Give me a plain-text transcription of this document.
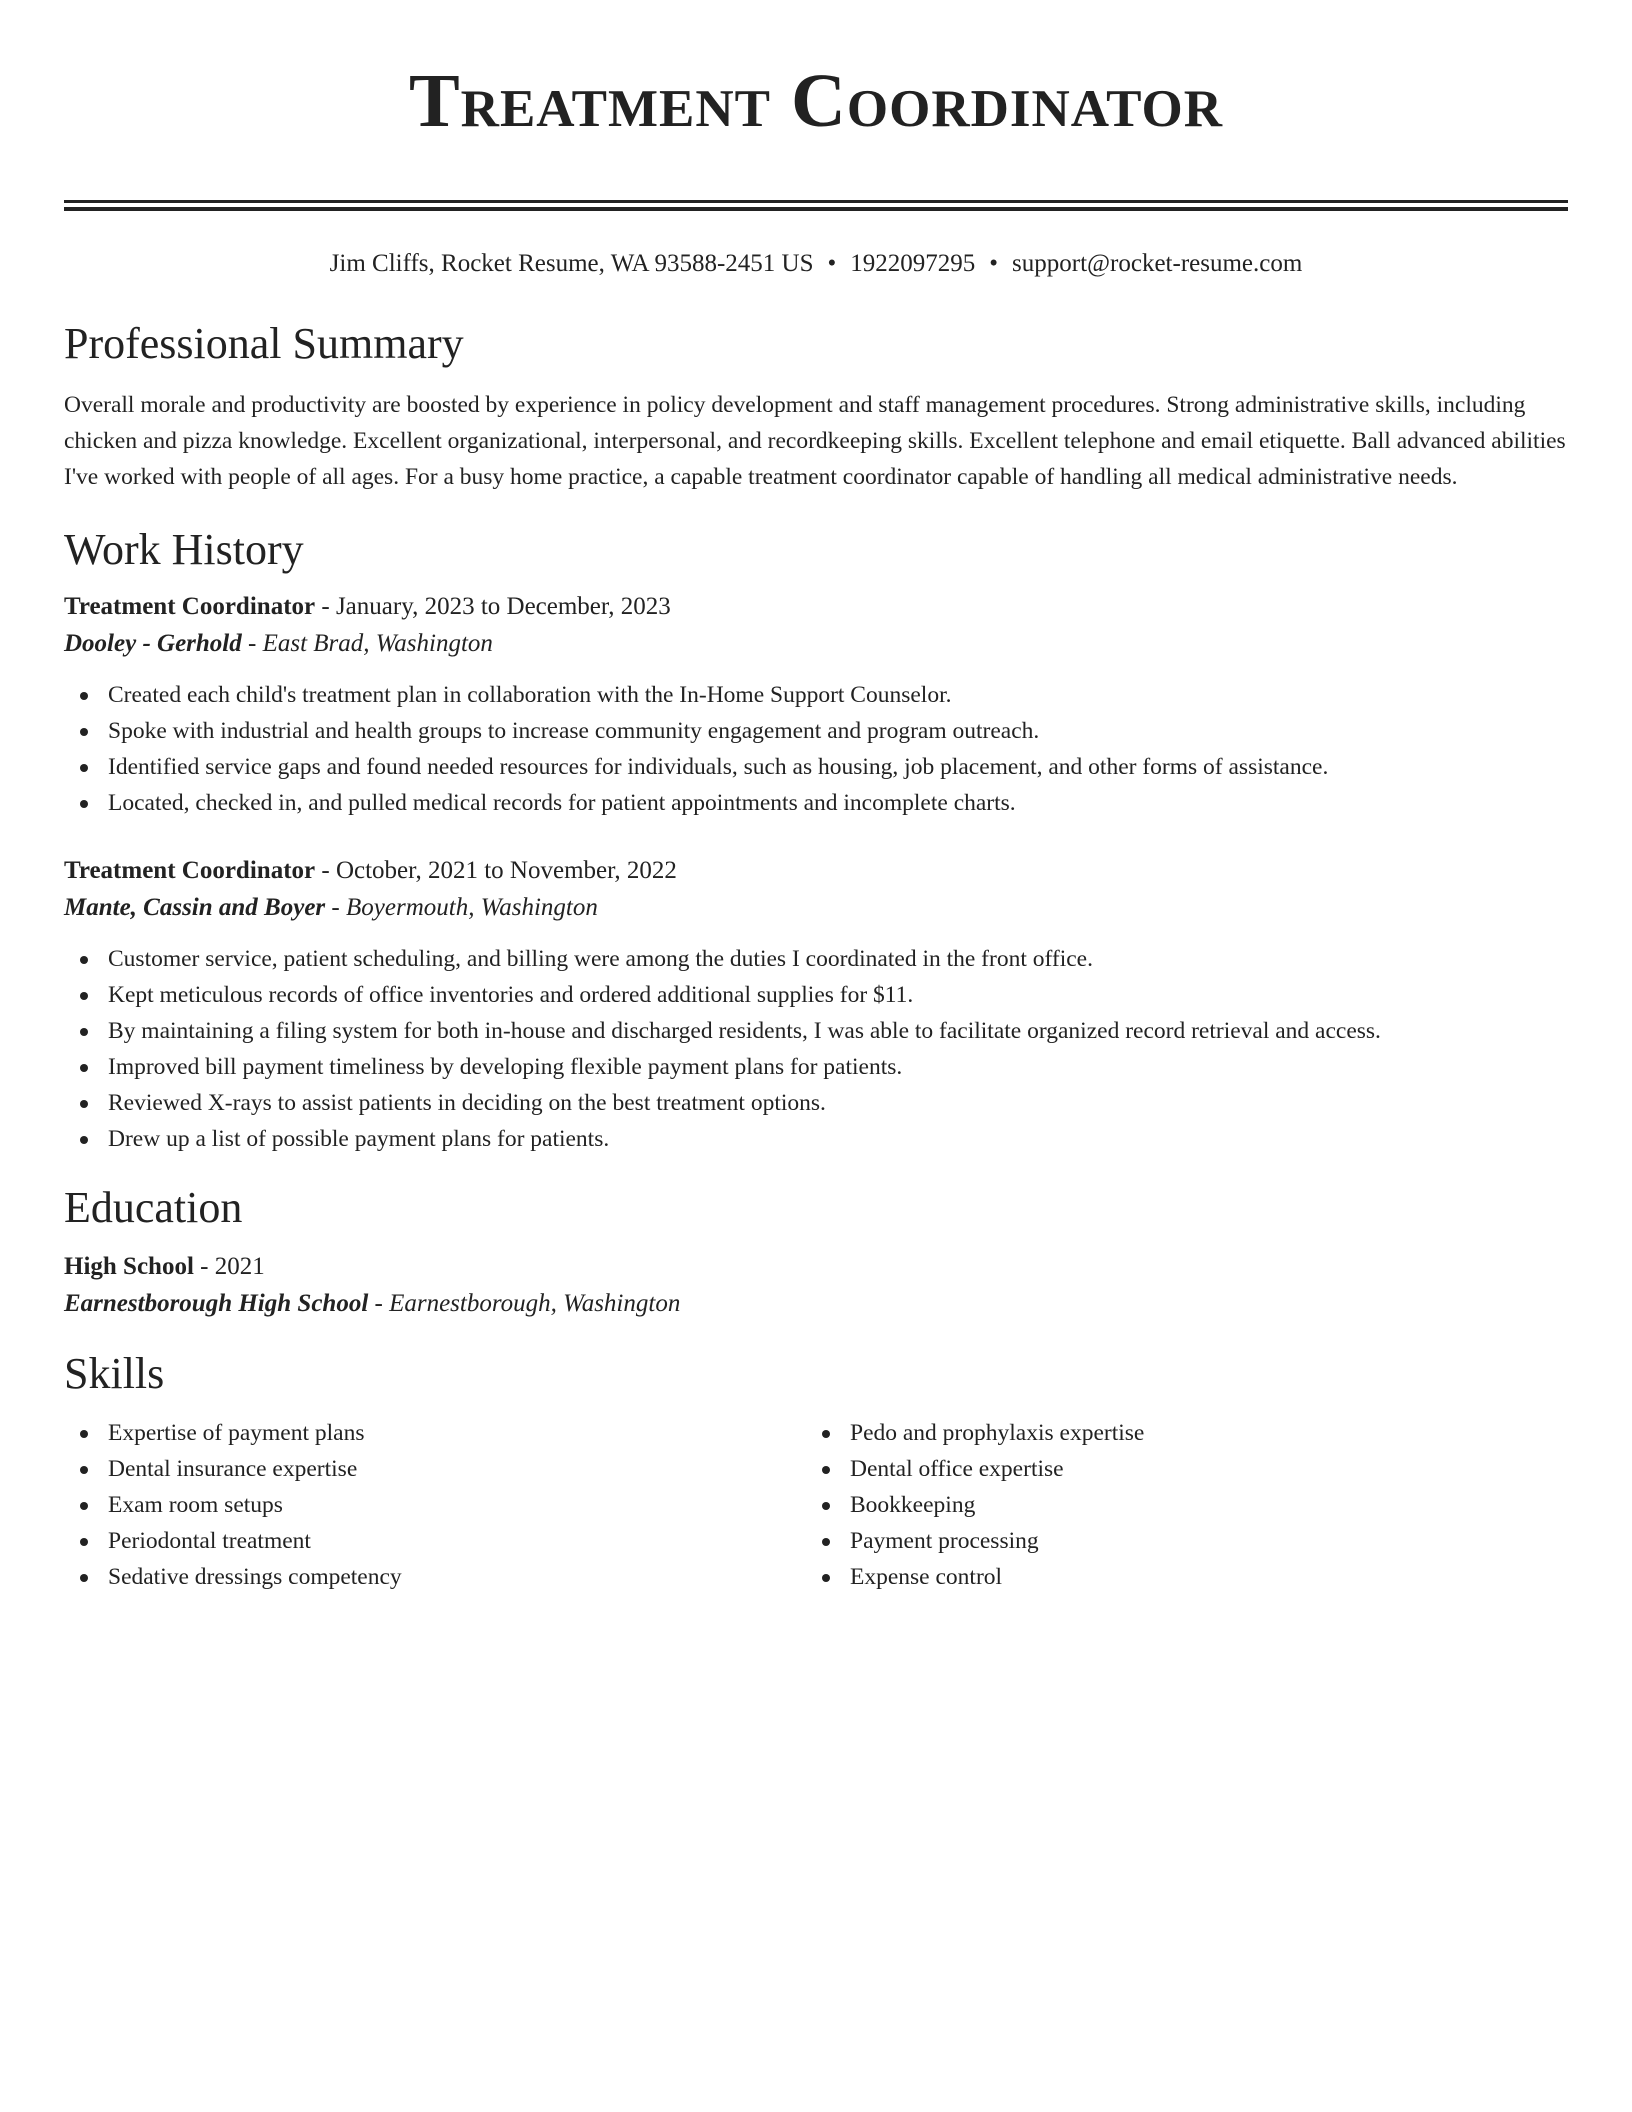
Treatment Coordinator
Jim Cliffs, Rocket Resume, WA 93588-2451 US • 1922097295 • support@rocket-resume.com
Professional Summary

Overall morale and productivity are boosted by experience in policy development and staff management procedures. Strong administrative skills, including chicken and pizza knowledge. Excellent organizational, interpersonal, and recordkeeping skills. Excellent telephone and email etiquette. Ball advanced abilities I've worked with people of all ages. For a busy home practice, a capable treatment coordinator capable of handling all medical administrative needs.

Work History
Treatment Coordinator - January, 2023 to December, 2023
Dooley - Gerhold - East Brad, Washington
Created each child's treatment plan in collaboration with the In-Home Support Counselor.
Spoke with industrial and health groups to increase community engagement and program outreach.
Identified service gaps and found needed resources for individuals, such as housing, job placement, and other forms of assistance.
Located, checked in, and pulled medical records for patient appointments and incomplete charts.
Treatment Coordinator - October, 2021 to November, 2022
Mante, Cassin and Boyer - Boyermouth, Washington
Customer service, patient scheduling, and billing were among the duties I coordinated in the front office.
Kept meticulous records of office inventories and ordered additional supplies for $11.
By maintaining a filing system for both in-house and discharged residents, I was able to facilitate organized record retrieval and access.
Improved bill payment timeliness by developing flexible payment plans for patients.
Reviewed X-rays to assist patients in deciding on the best treatment options.
Drew up a list of possible payment plans for patients.
Education
High School - 2021
Earnestborough High School - Earnestborough, Washington
Skills
Expertise of payment plans
Dental insurance expertise
Exam room setups
Periodontal treatment
Sedative dressings competency
Pedo and prophylaxis expertise
Dental office expertise
Bookkeeping
Payment processing
Expense control
